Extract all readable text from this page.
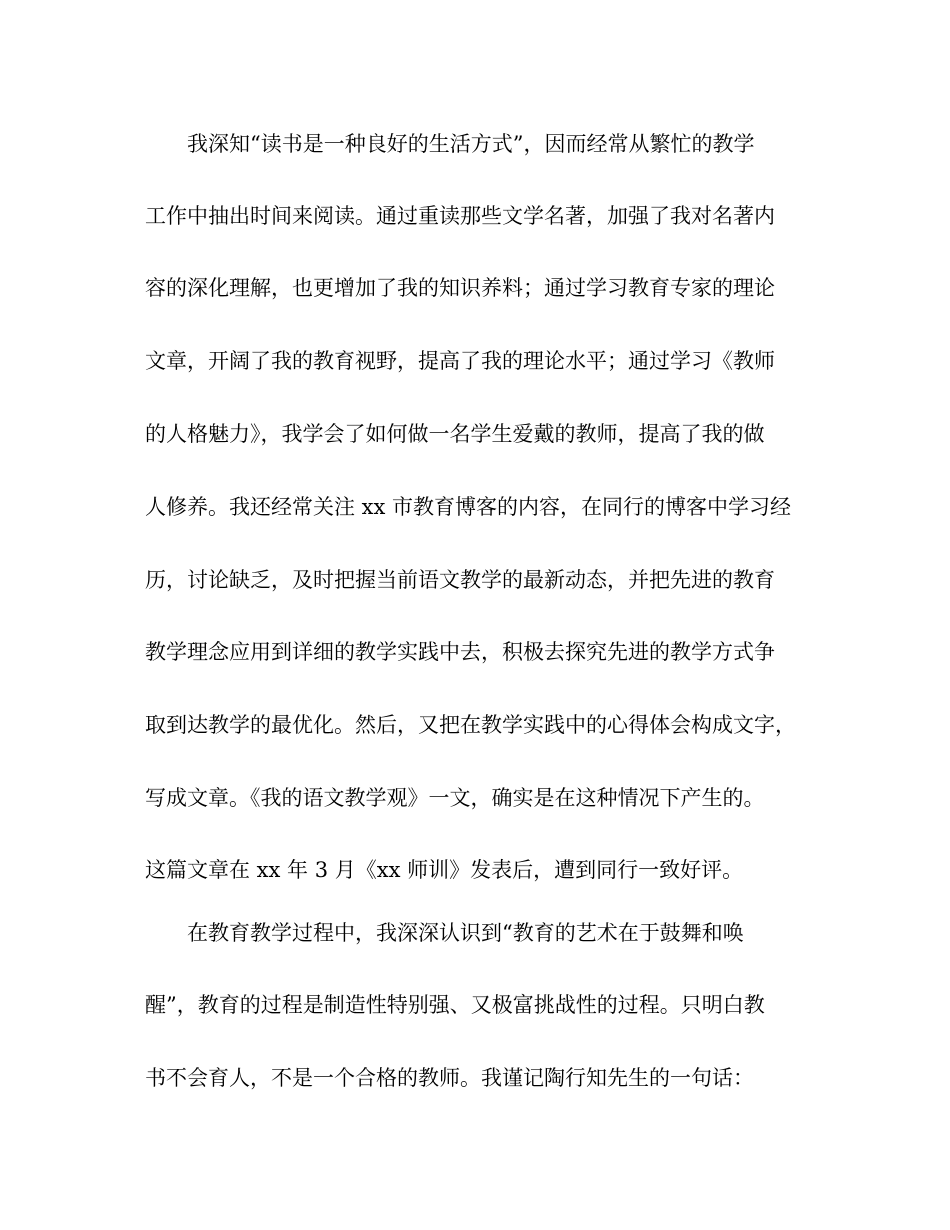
我深知“读书是一种良好的生活方式”，因而经常从繁忙的教学

工作中抽出时间来阅读。通过重读那些文学名著，加强了我对名著内

容的深化理解，也更增加了我的知识养料；通过学习教育专家的理论

文章，开阔了我的教育视野，提高了我的理论水平；通过学习《教师

的人格魅力》，我学会了如何做一名学生爱戴的教师，提高了我的做

人修养。我还经常关注 xx 市教育博客的内容，在同行的博客中学习经

历，讨论缺乏，及时把握当前语文教学的最新动态，并把先进的教育

教学理念应用到详细的教学实践中去，积极去探究先进的教学方式争

取到达教学的最优化。然后，又把在教学实践中的心得体会构成文字，

写成文章。《我的语文教学观》一文，确实是在这种情况下产生的。

这篇文章在 xx 年 3 月《xx 师训》发表后，遭到同行一致好评。

在教育教学过程中，我深深认识到“教育的艺术在于鼓舞和唤

醒”，教育的过程是制造性特别强、又极富挑战性的过程。只明白教

书不会育人，不是一个合格的教师。我谨记陶行知先生的一句话：
